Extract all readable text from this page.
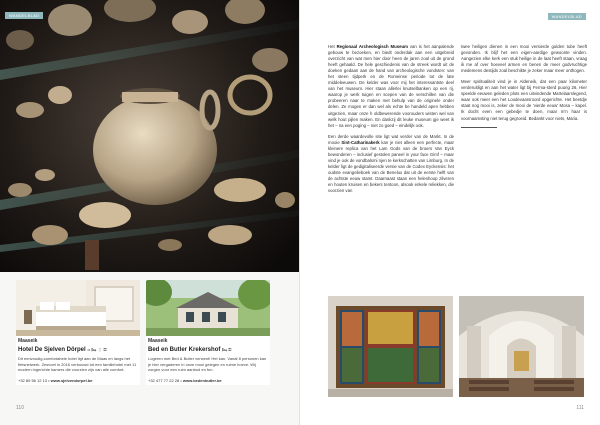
WANDELBLAD
Maaseik
Hotel De Sjelven Dörpel •• 🛏 🍴 ⚿
Dit eenvoudig-comfortabele hotel ligt aan de Maas en langs het fietsnetwerk. Zesvoet in 2016 verbouwd tot een familiehotel met 11 modern ingerichte kamers die voorzien zijn van alle comfort.
+32 89 56 12 13 • www.sjelvendorpel.be
Maaseik
Bed en Butler Krekershof 🛏 ⚿
Logeren met Bed & Butler verwent! Het kan. Vanaf 8 personen kan je hier vergaderen in onze mooi gelegen en ruime hoeve. Wij zorgen voor een ruim aanbod en fun.
+32 477 77 22 28 • www.bedenbutler.be
110
WANDELBLAD

Het Regionaal Archeologisch Museum van is het aanpalende gebouw te bezoeken, en biedt onderdak aan een uitgebreid overzicht van wat men hier door heen de jaren zoal uit de grond heeft gehaald. De hele geschiedenis van de streek wordt uit de doeken gedaan aan de hand van archeologische vondsten: van het steen tijdperk en de Romeinse periode tot de late middeleeuwen. De kelder was voor mij het interessantste deel van het museum. Hier staan allerlei knutselbanken op een rij, waarop je werk tuigen en scepen van de verschillen van die probeeren naar te maken met behulp van de originele onder delen. Ze mogen er dan wel als echte be handeld apen hebben uitgezien, maar onze h oldbewerende voorouders wisten wel van welk hout pijlen maken. En dankzij dit leuke museum gje weet ik het – na een poging – niet zo goed – eindelijk ook.

Een derde waardevolle site ligt wat verder van de Markt. In de mooie Sint-Catharinakerk kan je niet alleen een perfecte, maar kleinere replica van het Lam Gods van de broers Van Eyck bewonderen – inclusief gestolen paneel in your face Gimf – maar vind je ook de vondbalsmi njen te kerkschatten van Limburg. In de kelder ligt de gedigitaliseerde versie van de Codex Eyckensis: het oudste evangelieboek van de Benelux dat uit de eerste helft van de achtste eeuw stamt. Daarnaast staan een heleshoop zilveren en houten kruisen en bekers tentoon, alsook enkele reliekken, die voorzien van

twee heiligen dienen in een mooi versierde gulden tube heeft gevonden. Ik blijf het een eigen-aardige gewoonte vinden. Aangezien elke kerk een stuk heilige in de laat heeft staan, vraag ik me af over hoeveel armen en benen de meer godvruchtige medemens destijds zoal beschikte je zeker maar meer onthogen.

Meer spiritualiteit vind je in Aldeneik, dat een paar kilometer verderuitligt en aan het water ligt bij Ferma-sterd puurig 26. Hier speelde eeuwen geleden plots een uitvindende Martelaarslegend, waar ook meer een het Loodevaarsroord opgerichte. Het beetdje staat nog mooi is, zeker de mooi de ‘vierde eeuw’ Mosa – kapel. Ik docht even een gebedje te doen, maar m’n haar is voornaamsting niet terug gegroeid. Bedankt voor niets, Maria.

111
